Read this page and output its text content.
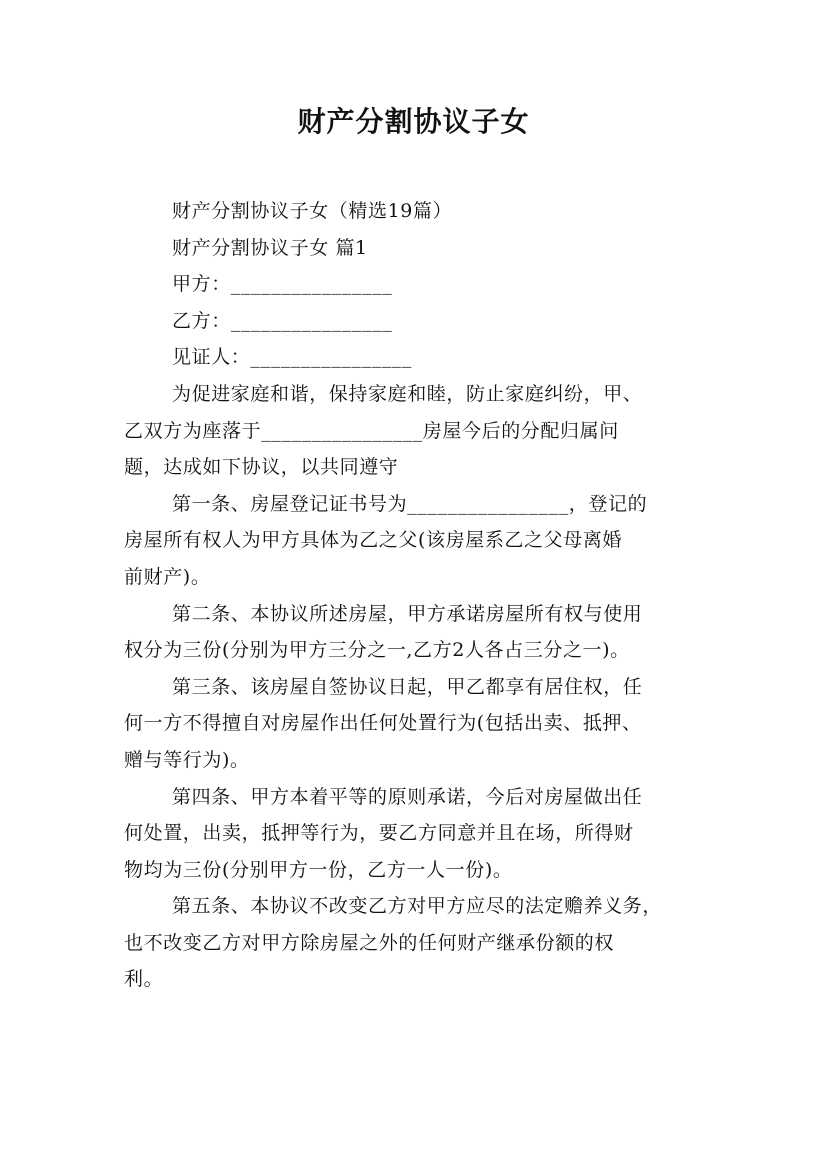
财产分割协议子女

财产分割协议子女（精选19篇）

财产分割协议子女 篇1

甲方：________________

乙方：________________

见证人：________________

为促进家庭和谐，保持家庭和睦，防止家庭纠纷，甲、

乙双方为座落于________________房屋今后的分配归属问

题，达成如下协议，以共同遵守

第一条、房屋登记证书号为________________，登记的

房屋所有权人为甲方具体为乙之父(该房屋系乙之父母离婚

前财产)。

第二条、本协议所述房屋，甲方承诺房屋所有权与使用

权分为三份(分别为甲方三分之一,乙方2人各占三分之一)。

第三条、该房屋自签协议日起，甲乙都享有居住权，任

何一方不得擅自对房屋作出任何处置行为(包括出卖、抵押、

赠与等行为)。

第四条、甲方本着平等的原则承诺，今后对房屋做出任

何处置，出卖，抵押等行为，要乙方同意并且在场，所得财

物均为三份(分别甲方一份，乙方一人一份)。

第五条、本协议不改变乙方对甲方应尽的法定赡养义务，

也不改变乙方对甲方除房屋之外的任何财产继承份额的权

利。
